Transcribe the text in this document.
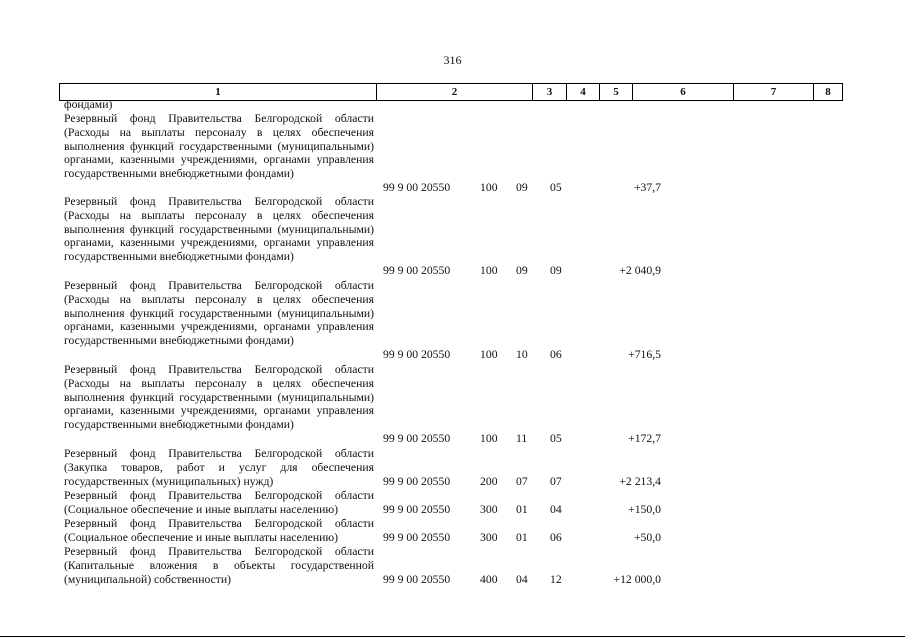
316
1	2	3	4	5	6	7	8
фондами)
Резервный фонд Правительства Белгородской области (Расходы на выплаты персоналу в целях обеспечения выполнения функций государственными (муниципальными) органами, казенными учреждениями, органами управления государственными внебюджетными фондами)
99 9 00 20550	100 09 05	+37,7
Резервный фонд Правительства Белгородской области (Расходы на выплаты персоналу в целях обеспечения выполнения функций государственными (муниципальными) органами, казенными учреждениями, органами управления государственными внебюджетными фондами)
99 9 00 20550	100 09 09	+2 040,9
Резервный фонд Правительства Белгородской области (Расходы на выплаты персоналу в целях обеспечения выполнения функций государственными (муниципальными) органами, казенными учреждениями, органами управления государственными внебюджетными фондами)
99 9 00 20550	100 10 06	+716,5
Резервный фонд Правительства Белгородской области (Расходы на выплаты персоналу в целях обеспечения выполнения функций государственными (муниципальными) органами, казенными учреждениями, органами управления государственными внебюджетными фондами)
99 9 00 20550	100 11 05	+172,7
Резервный фонд Правительства Белгородской области (Закупка товаров, работ и услуг для обеспечения государственных (муниципальных) нужд)	99 9 00 20550	200 07 07	+2 213,4
Резервный фонд Правительства Белгородской области (Социальное обеспечение и иные выплаты населению)	99 9 00 20550	300 01 04	+150,0
Резервный фонд Правительства Белгородской области (Социальное обеспечение и иные выплаты населению)	99 9 00 20550	300 01 06	+50,0
Резервный фонд Правительства Белгородской области (Капитальные вложения в объекты государственной (муниципальной) собственности)	99 9 00 20550	400 04 12	+12 000,0
